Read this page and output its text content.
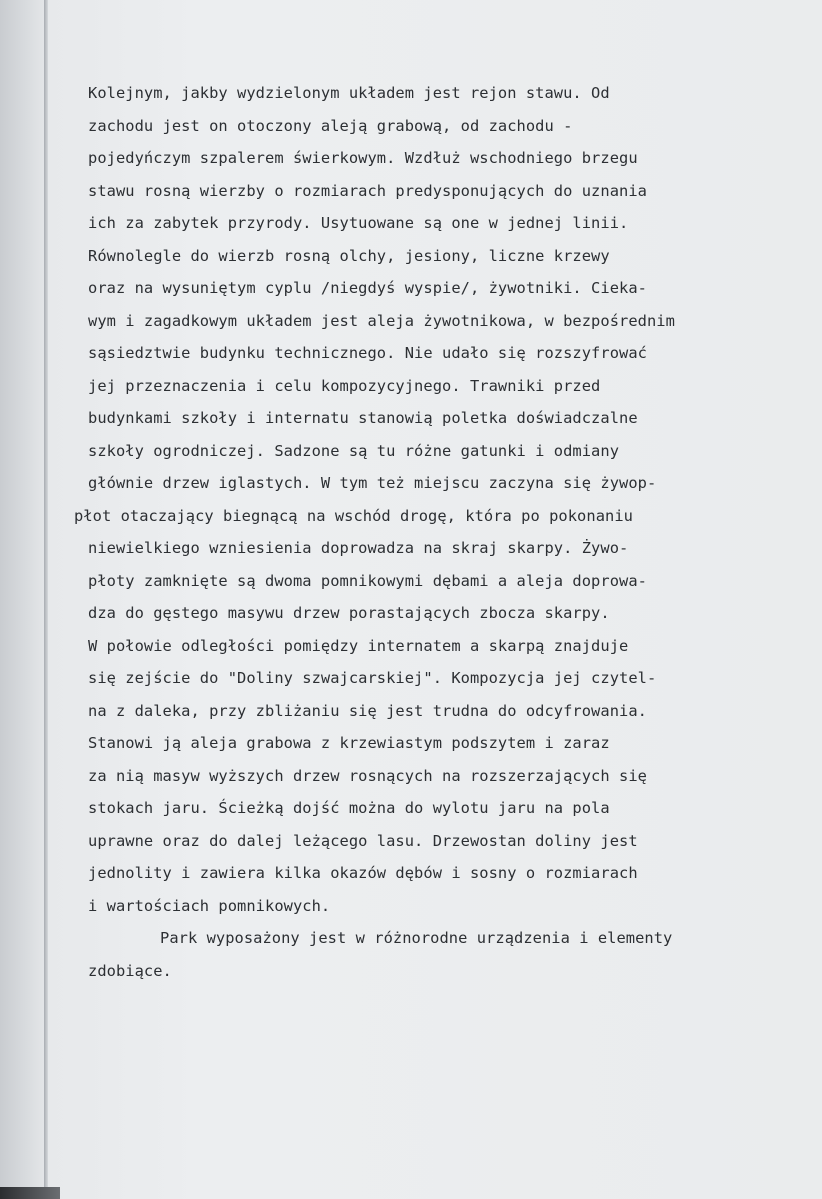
Kolejnym, jakby wydzielonym układem jest rejon stawu. Od
zachodu jest on otoczony aleją grabową, od zachodu -
pojedyńczym szpalerem świerkowym. Wzdłuż wschodniego brzegu
stawu rosną wierzby o rozmiarach predysponujących do uznania
ich za zabytek przyrody. Usytuowane są one w jednej linii.
Równolegle do wierzb rosną olchy, jesiony, liczne krzewy
oraz na wysuniętym cyplu /niegdyś wyspie/, żywotniki. Cieka-
wym i zagadkowym układem jest aleja żywotnikowa, w bezpośrednim
sąsiedztwie budynku technicznego. Nie udało się rozszyfrować
jej przeznaczenia i celu kompozycyjnego. Trawniki przed
budynkami szkoły i internatu stanowią poletka doświadczalne
szkoły ogrodniczej. Sadzone są tu różne gatunki i odmiany
głównie drzew iglastych. W tym też miejscu zaczyna się żywop-
płot otaczający biegnącą na wschód drogę, która po pokonaniu
niewielkiego wzniesienia doprowadza na skraj skarpy. Żywo-
płoty zamknięte są dwoma pomnikowymi dębami a aleja doprowa-
dza do gęstego masywu drzew porastających zbocza skarpy.
W połowie odległości pomiędzy internatem a skarpą znajduje
się zejście do "Doliny szwajcarskiej". Kompozycja jej czytel-
na z daleka, przy zbliżaniu się jest trudna do odcyfrowania.
Stanowi ją aleja grabowa z krzewiastym podszytem i zaraz
za nią masyw wyższych drzew rosnących na rozszerzających się
stokach jaru. Ścieżką dojść można do wylotu jaru na pola
uprawne oraz do dalej leżącego lasu. Drzewostan doliny jest
jednolity i zawiera kilka okazów dębów i sosny o rozmiarach
i wartościach pomnikowych.
Park wyposażony jest w różnorodne urządzenia i elementy
zdobiące.
